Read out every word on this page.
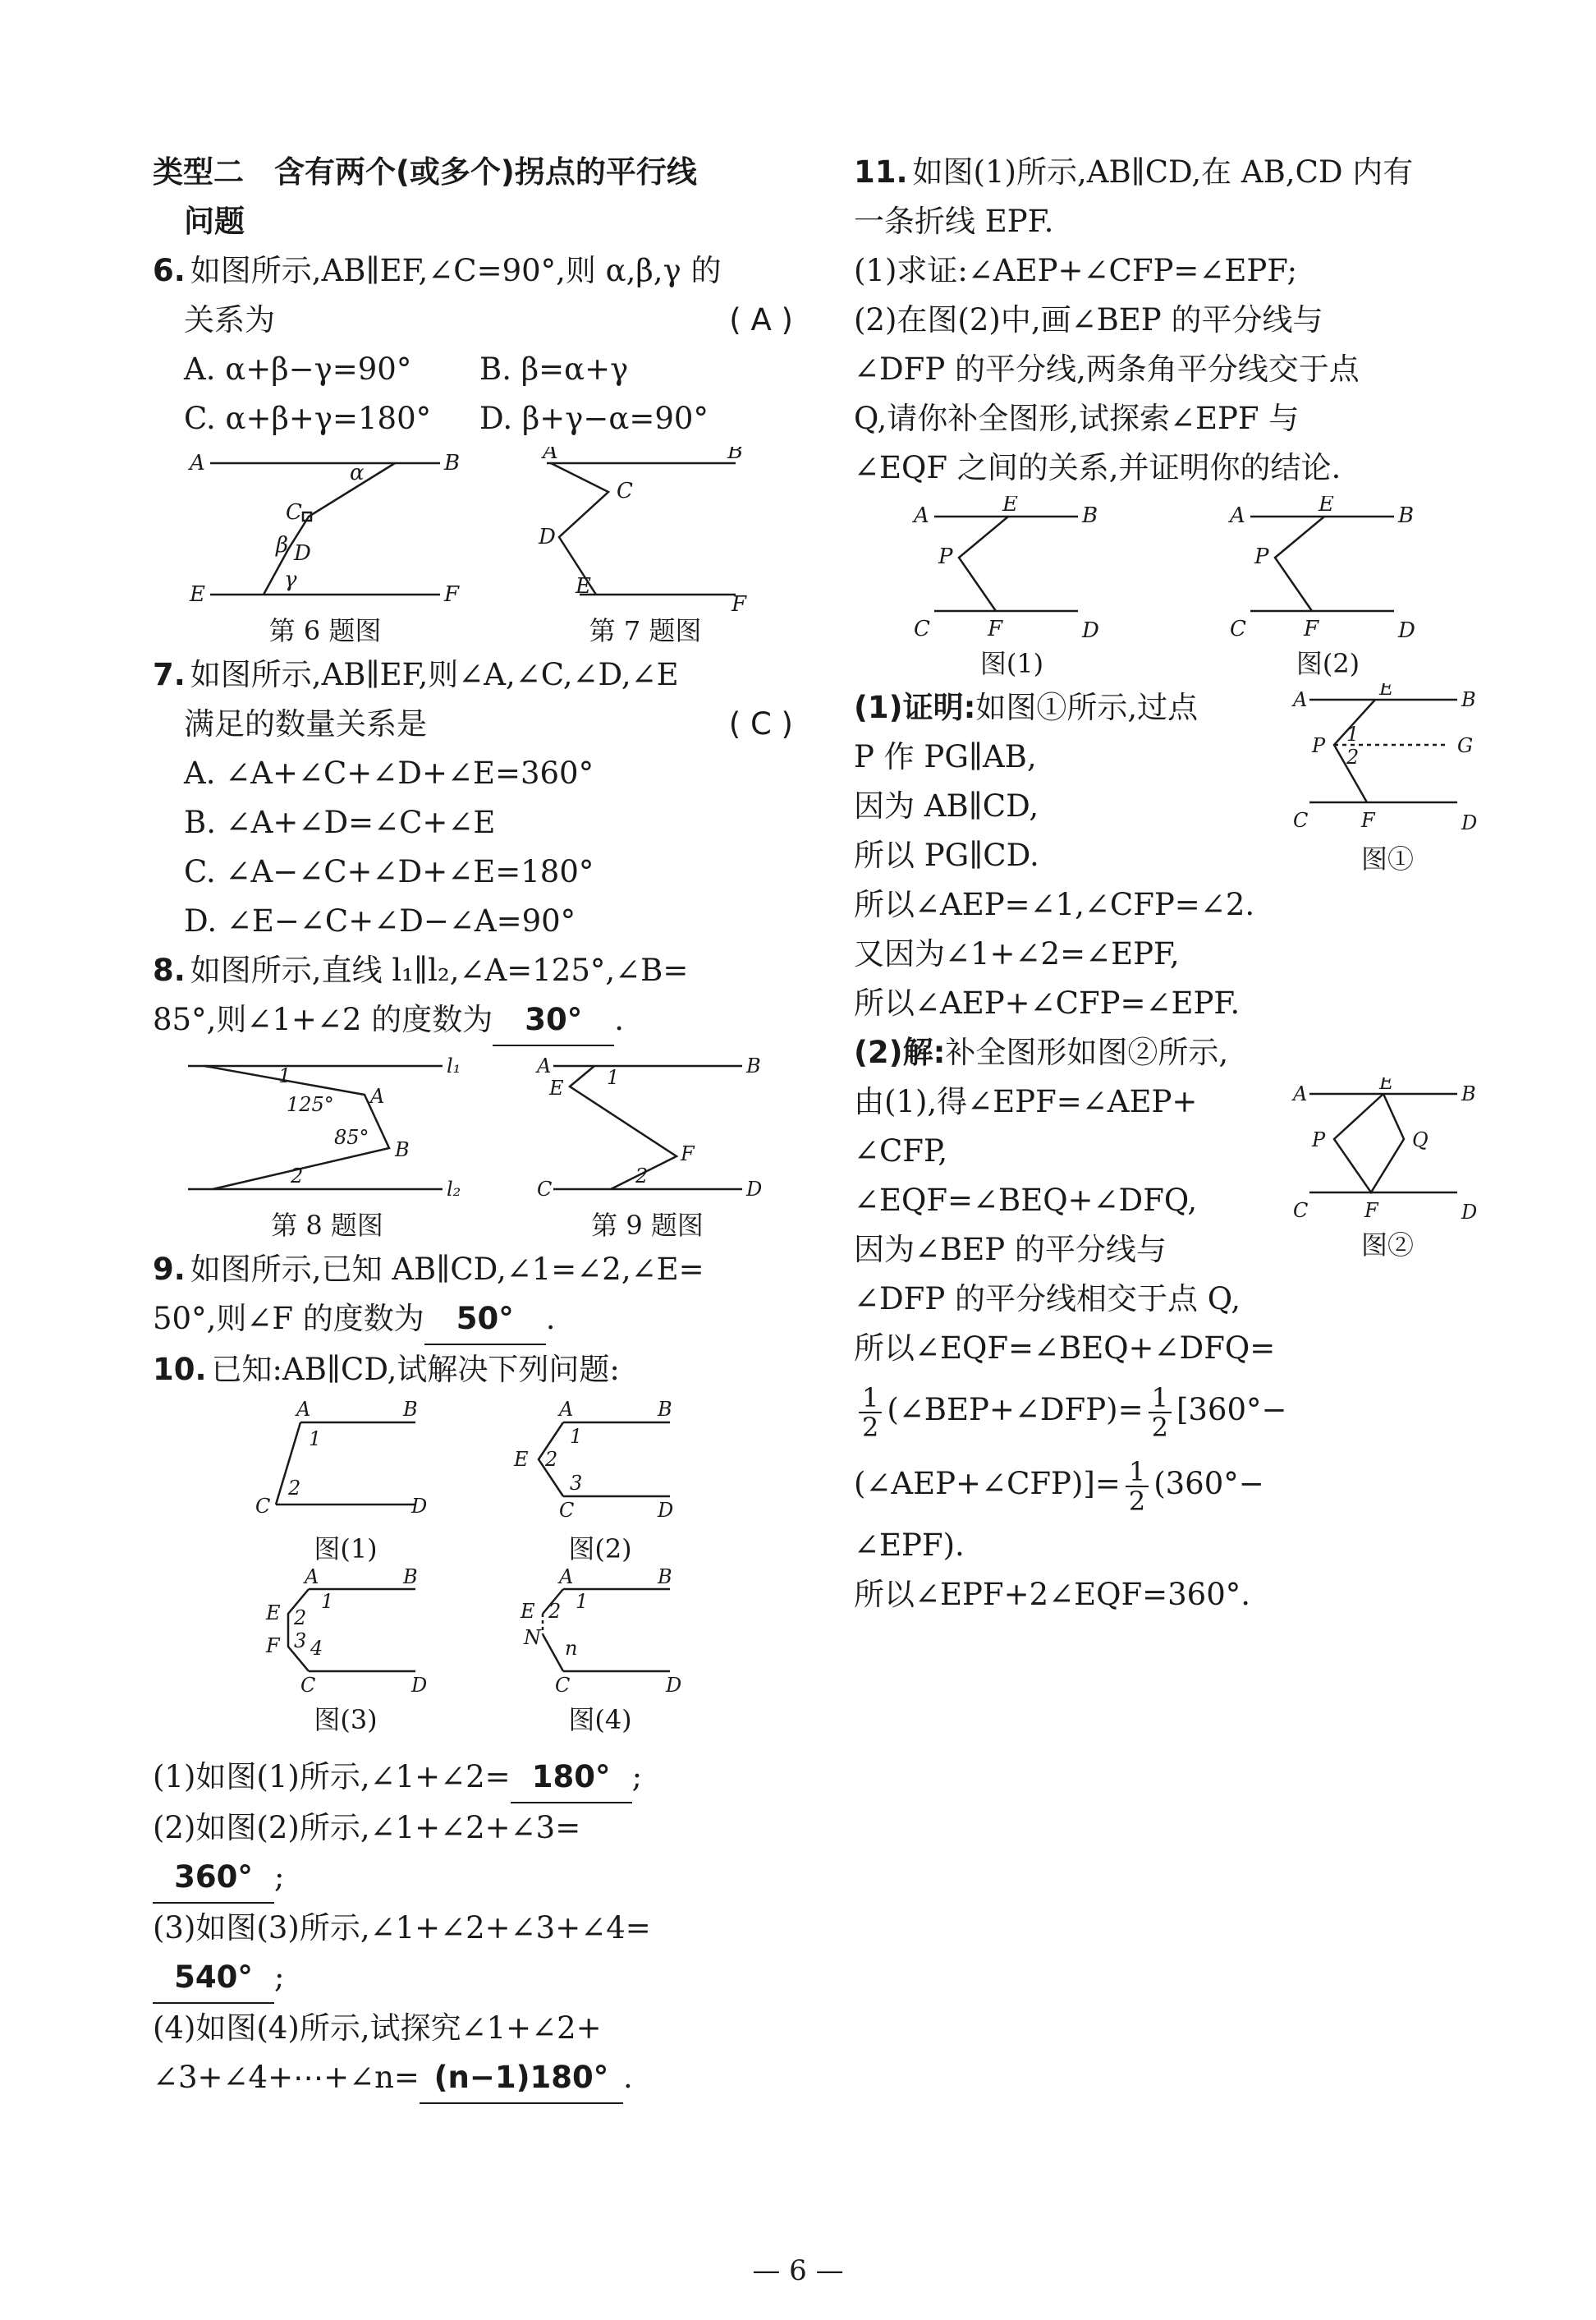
类型二　含有两个(或多个)拐点的平行线
问题
6. 如图所示,AB∥EF,∠C=90°,则 α,β,γ 的
关系为	( A )
A. α+β−γ=90°	B. β=α+γ
C. α+β+γ=180°	D. β+γ−α=90°
A	B
E	F
α
C
β D
γ
第 6 题图
A	B
C
D
E
F
第 7 题图
7. 如图所示,AB∥EF,则∠A,∠C,∠D,∠E
满足的数量关系是	( C )
A. ∠A+∠C+∠D+∠E=360°
B. ∠A+∠D=∠C+∠E
C. ∠A−∠C+∠D+∠E=180°
D. ∠E−∠C+∠D−∠A=90°
8. 如图所示,直线 l₁∥l₂,∠A=125°,∠B=
85°,则∠1+∠2 的度数为 30° .
l₁
l₂
1
125° A
85°
B
2
第 8 题图
A	B
E
F
C	D
1
2
第 9 题图
9. 如图所示,已知 AB∥CD,∠1=∠2,∠E=
50°,则∠F 的度数为 50° .
10. 已知:AB∥CD,试解决下列问题:
A	B
C	D
1
2
图(1)
A	B
E
C	D
1
2
3
图(2)
A	B
E
F
C	D
1
2
3 4
图(3)
A	B
E
N
C	D
1
2
n
图(4)
(1)如图(1)所示,∠1+∠2= 180° ;
(2)如图(2)所示,∠1+∠2+∠3=
360° ;
(3)如图(3)所示,∠1+∠2+∠3+∠4=
540° ;
(4)如图(4)所示,试探究∠1+∠2+
∠3+∠4+⋯+∠n= (n−1)180° .
11. 如图(1)所示,AB∥CD,在 AB,CD 内有
一条折线 EPF.
(1)求证:∠AEP+∠CFP=∠EPF;
(2)在图(2)中,画∠BEP 的平分线与
∠DFP 的平分线,两条角平分线交于点
Q,请你补全图形,试探索∠EPF 与
∠EQF 之间的关系,并证明你的结论.
A	E	B
P
C	F	D
图(1)
A	E	B
P
C	F	D
图(2)
A	E	B
P	G
1
2
C	F	D
图①
(1)证明:如图①所示,过点
P 作 PG∥AB,
因为 AB∥CD,
所以 PG∥CD.
所以∠AEP=∠1,∠CFP=∠2.
又因为∠1+∠2=∠EPF,
所以∠AEP+∠CFP=∠EPF.
A	E	B
P	Q
C	F	D
图②
(2)解:补全图形如图②所示,
由(1),得∠EPF=∠AEP+
∠CFP,
∠EQF=∠BEQ+∠DFQ,
因为∠BEP 的平分线与
∠DFP 的平分线相交于点 Q,
所以∠EQF=∠BEQ+∠DFQ=
$\frac{1}{2}$ (∠BEP+∠DFP)= $\frac{1}{2} [360^\circ-$
(∠AEP+∠CFP)]= $\frac{1}{2} (360^\circ-$
∠EPF).
所以∠EPF+2∠EQF=360°.
— 6 —
